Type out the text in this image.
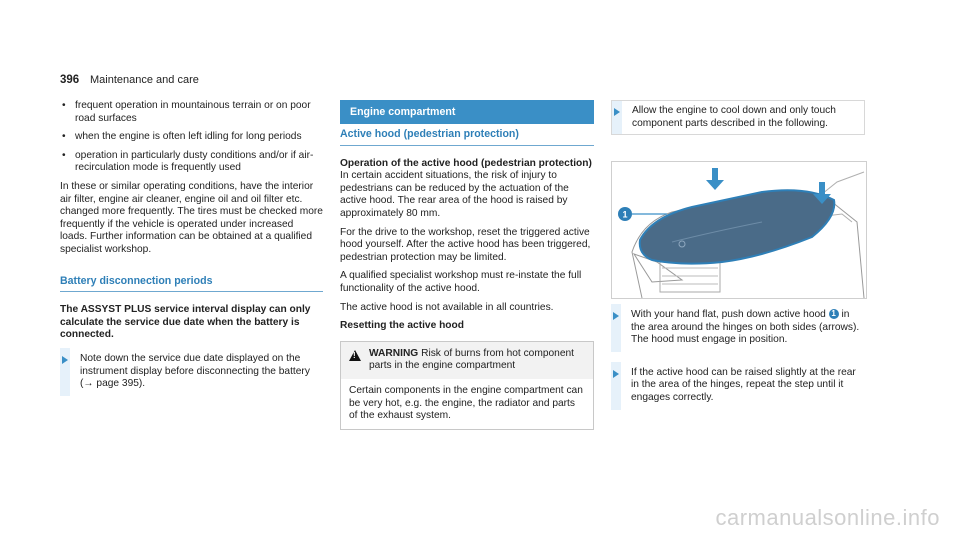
396 Maintenance and care
• frequent operation in mountainous terrain or on poor road surfaces
• when the engine is often left idling for long periods
• operation in particularly dusty conditions and/or if air-recirculation mode is frequently used

In these or similar operating conditions, have the interior air filter, engine air cleaner, engine oil and oil filter etc. changed more frequently. The tires must be checked more frequently if the vehicle is operated under increased loads. Further information can be obtained at a qualified specialist workshop.

Battery disconnection periods

The ASSYST PLUS service interval display can only calculate the service due date when the battery is connected.

Note down the service due date displayed on the instrument display before disconnecting the battery (→ page 395).
Engine compartment
Active hood (pedestrian protection)
Operation of the active hood (pedestrian protection)

In certain accident situations, the risk of injury to pedestrians can be reduced by the actuation of the active hood. The rear area of the hood is raised by approximately 80 mm.

For the drive to the workshop, reset the triggered active hood yourself. After the active hood has been triggered, pedestrian protection may be limited.

A qualified specialist workshop must re-instate the full functionality of the active hood.

The active hood is not available in all countries.

Resetting the active hood

!
WARNING Risk of burns from hot component parts in the engine compartment
Certain components in the engine compartment can be very hot, e.g. the engine, the radiator and parts of the exhaust system.
Allow the engine to cool down and only touch component parts described in the following.
1
With your hand flat, push down active hood 1 in the area around the hinges on both sides (arrows).
The hood must engage in position.
If the active hood can be raised slightly at the rear in the area of the hinges, repeat the step until it engages correctly.
carmanualsonline.info
